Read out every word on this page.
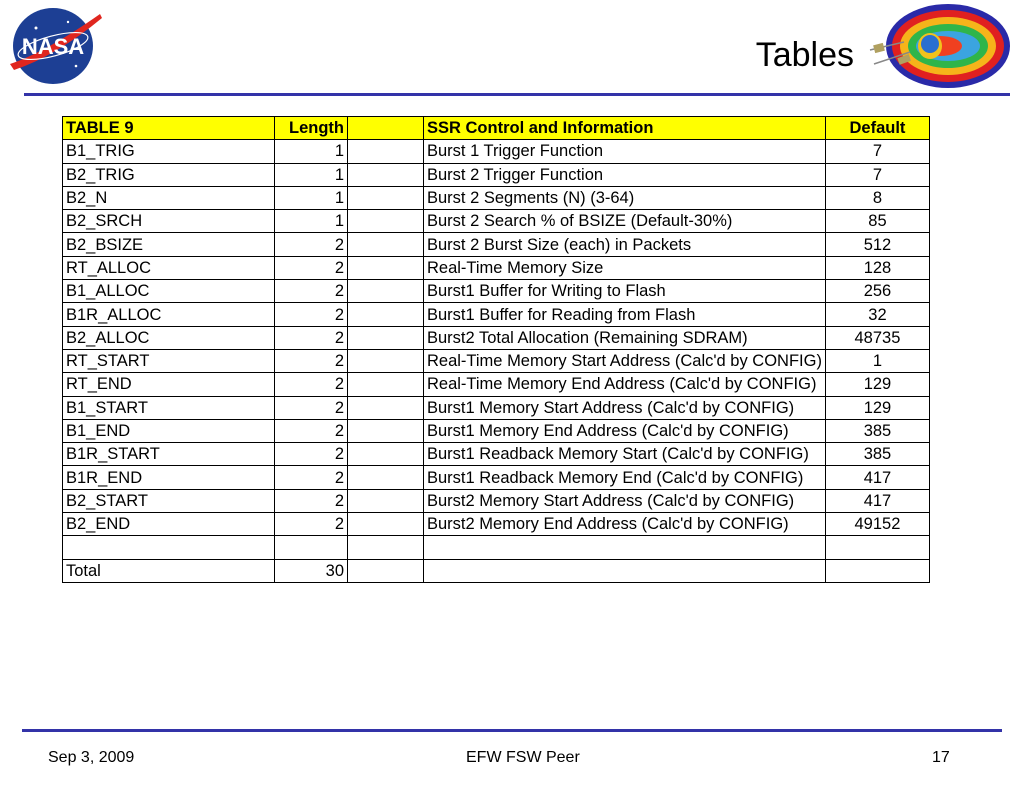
NASA	Tables
TABLE 9	Length		SSR Control and Information	Default
B1_TRIG	1		Burst 1 Trigger Function	7
B2_TRIG	1		Burst 2 Trigger Function	7
B2_N	1		Burst 2 Segments (N) (3-64)	8
B2_SRCH	1		Burst 2 Search % of BSIZE (Default-30%)	85
B2_BSIZE	2		Burst 2 Burst Size (each) in Packets	512
RT_ALLOC	2		Real-Time Memory Size	128
B1_ALLOC	2		Burst1 Buffer for Writing to Flash	256
B1R_ALLOC	2		Burst1 Buffer for Reading from Flash	32
B2_ALLOC	2		Burst2 Total Allocation (Remaining SDRAM)	48735
RT_START	2		Real-Time Memory Start Address (Calc'd by CONFIG)	1
RT_END	2		Real-Time Memory End Address (Calc'd by CONFIG)	129
B1_START	2		Burst1 Memory Start Address (Calc'd by CONFIG)	129
B1_END	2		Burst1 Memory End Address (Calc'd by CONFIG)	385
B1R_START	2		Burst1 Readback Memory Start (Calc'd by CONFIG)	385
B1R_END	2		Burst1 Readback Memory End (Calc'd by CONFIG)	417
B2_START	2		Burst2 Memory Start Address (Calc'd by CONFIG)	417
B2_END	2		Burst2 Memory End Address (Calc'd by CONFIG)	49152

Total	30			
Sep 3, 2009	EFW FSW Peer	17
